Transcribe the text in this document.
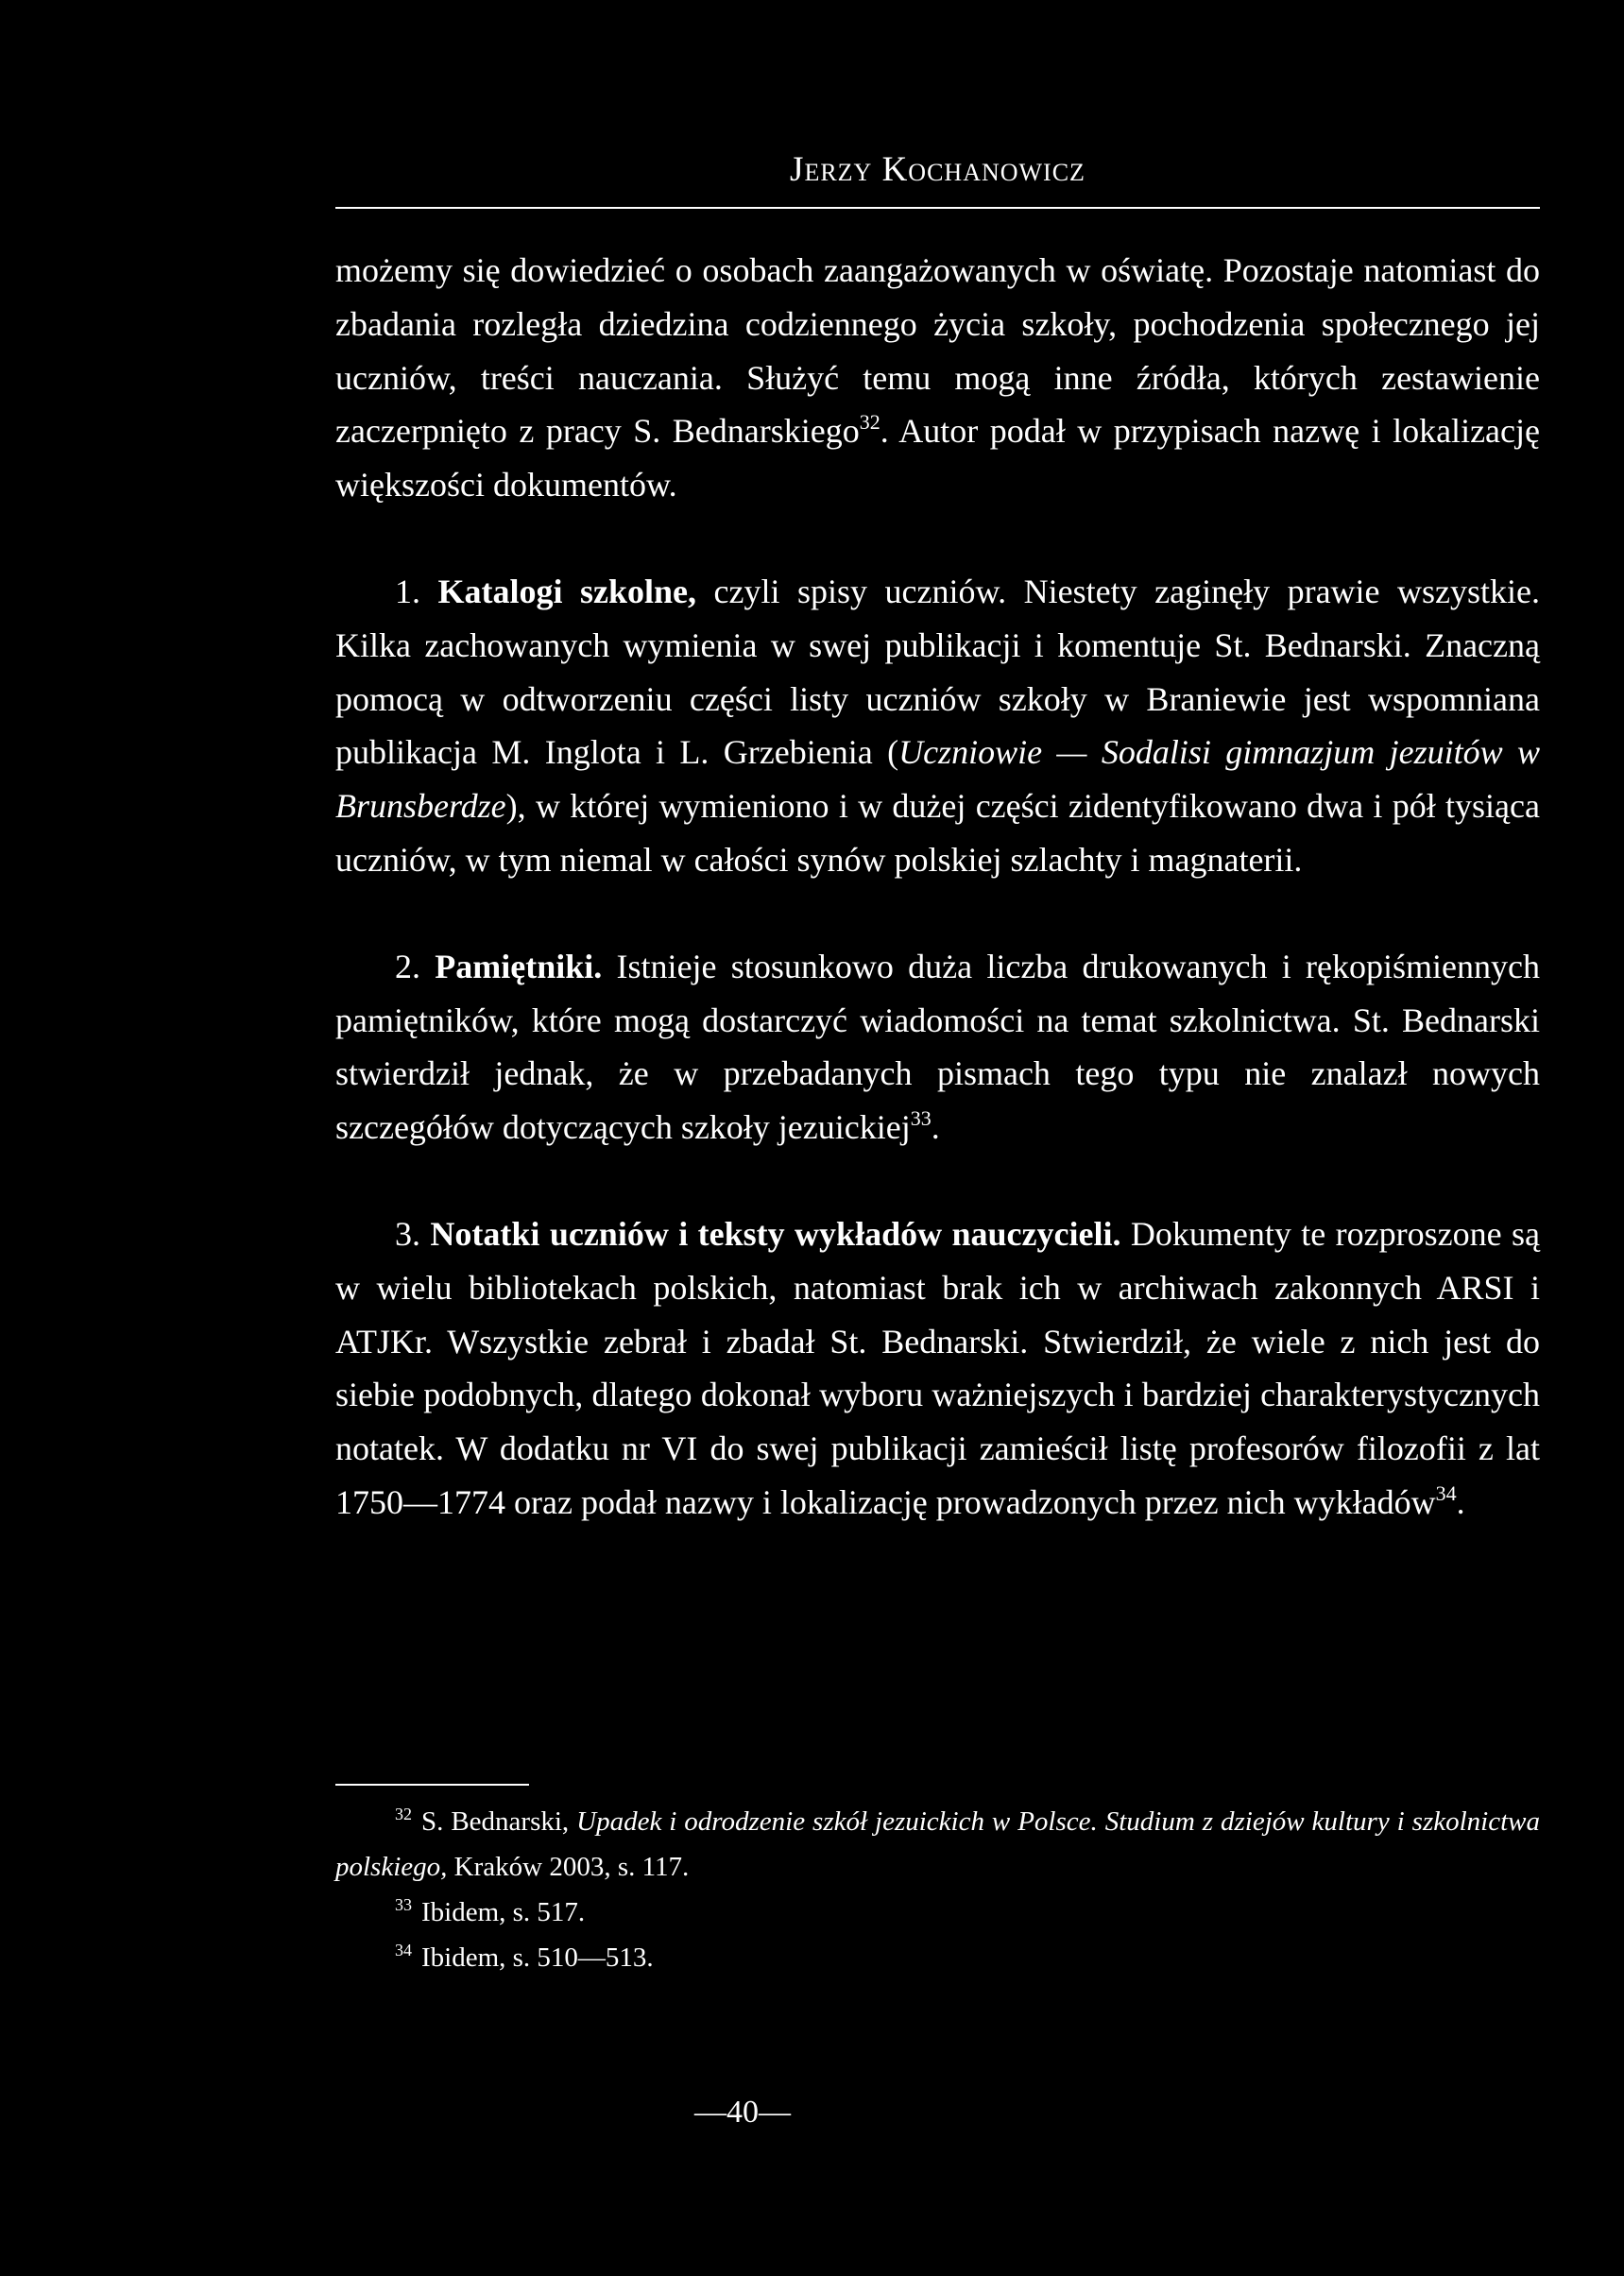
Jerzy Kochanowicz

możemy się dowiedzieć o osobach zaangażowanych w oświatę. Pozostaje natomiast do zbadania rozległa dziedzina codziennego życia szkoły, pochodzenia społecznego jej uczniów, treści nauczania. Służyć temu mogą inne źródła, których zestawienie zaczerpnięto z pracy S. Bednarskiego$^{32}$. Autor podał w przypisach nazwę i lokalizację większości dokumentów.

1. Katalogi szkolne, czyli spisy uczniów. Niestety zaginęły prawie wszystkie. Kilka zachowanych wymienia w swej publikacji i komentuje St. Bednarski. Znaczną pomocą w odtworzeniu części listy uczniów szkoły w Braniewie jest wspomniana publikacja M. Inglota i L. Grzebienia (Uczniowie — Sodalisi gimnazjum jezuitów w Brunsberdze), w której wymieniono i w dużej części zidentyfikowano dwa i pół tysiąca uczniów, w tym niemal w całości synów polskiej szlachty i magnaterii.

2. Pamiętniki. Istnieje stosunkowo duża liczba drukowanych i rękopiśmiennych pamiętników, które mogą dostarczyć wiadomości na temat szkolnictwa. St. Bednarski stwierdził jednak, że w przebadanych pismach tego typu nie znalazł nowych szczegółów dotyczących szkoły jezuickiej$^{33}$.

3. Notatki uczniów i teksty wykładów nauczycieli. Dokumenty te rozproszone są w wielu bibliotekach polskich, natomiast brak ich w archiwach zakonnych ARSI i ATJKr. Wszystkie zebrał i zbadał St. Bednarski. Stwierdził, że wiele z nich jest do siebie podobnych, dlatego dokonał wyboru ważniejszych i bardziej charakterystycznych notatek. W dodatku nr VI do swej publikacji zamieścił listę profesorów filozofii z lat 1750—1774 oraz podał nazwy i lokalizację prowadzonych przez nich wykładów$^{34}$.

$^{32}$ S. Bednarski, Upadek i odrodzenie szkół jezuickich w Polsce. Studium z dziejów kultury i szkolnictwa polskiego, Kraków 2003, s. 117.

$^{33}$ Ibidem, s. 517.

$^{34}$ Ibidem, s. 510—513.

—40—
